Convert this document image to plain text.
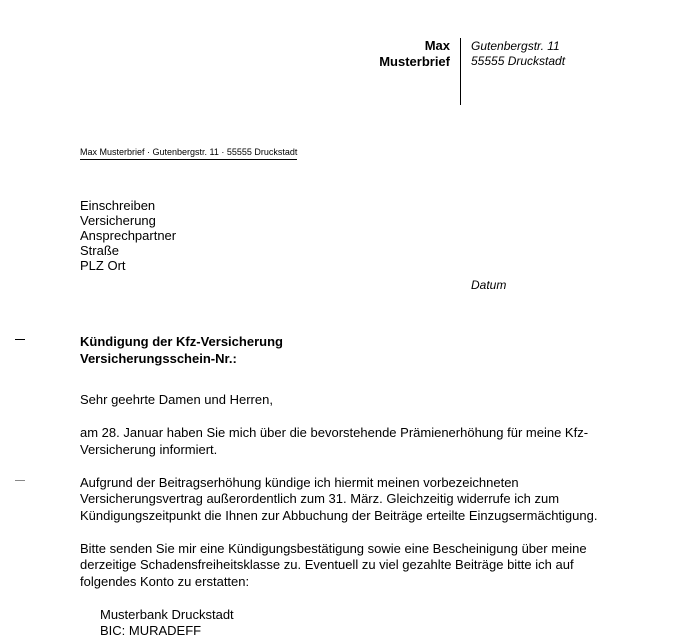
Max
Musterbrief
Gutenbergstr. 11
55555 Druckstadt
Max Musterbrief · Gutenbergstr. 11 · 55555 Druckstadt
Einschreiben
Versicherung
Ansprechpartner
Straße
PLZ Ort
Datum
Kündigung der Kfz-Versicherung
Versicherungsschein-Nr.:

Sehr geehrte Damen und Herren,

am 28. Januar haben Sie mich über die bevorstehende Prämienerhöhung für meine Kfz-Versicherung informiert.

Aufgrund der Beitragserhöhung kündige ich hiermit meinen vorbezeichneten Versicherungsvertrag außerordentlich zum 31. März. Gleichzeitig widerrufe ich zum Kündigungszeitpunkt die Ihnen zur Abbuchung der Beiträge erteilte Einzugsermächtigung.

Bitte senden Sie mir eine Kündigungsbestätigung sowie eine Bescheinigung über meine derzeitige Schadensfreiheitsklasse zu. Eventuell zu viel gezahlte Beiträge bitte ich auf folgendes Konto zu erstatten:

Musterbank Druckstadt
BIC: MURADEFF
